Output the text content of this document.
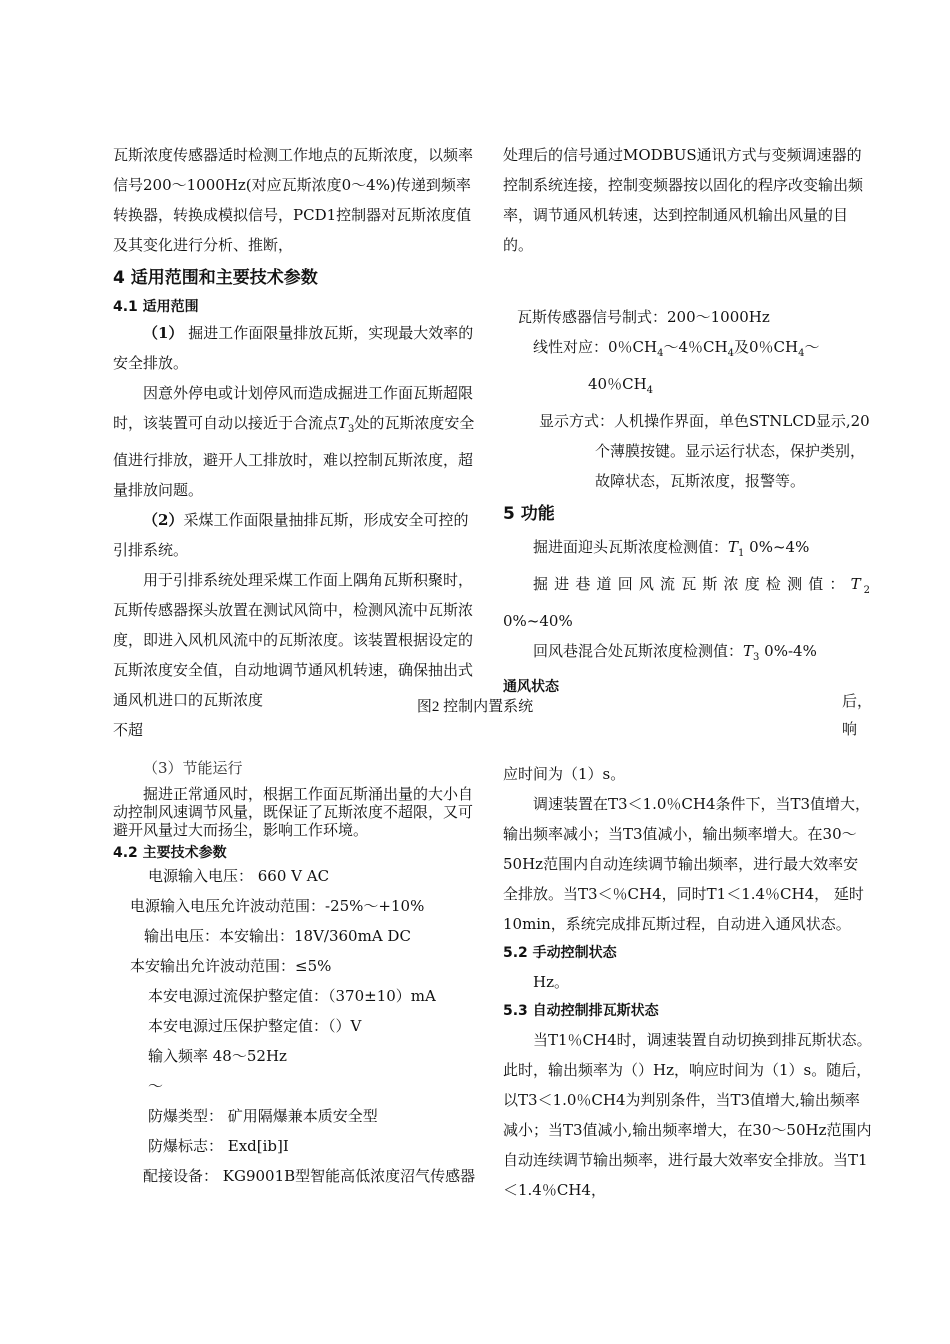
瓦斯浓度传感器适时检测工作地点的瓦斯浓度，以频率信号200～1000Hz(对应瓦斯浓度0～4%)传递到频率转换器，转换成模拟信号，PCD1控制器对瓦斯浓度值及其变化进行分析、推断，

4 适用范围和主要技术参数

4.1 适用范围

（1） 掘进工作面限量排放瓦斯，实现最大效率的安全排放。

因意外停电或计划停风而造成掘进工作面瓦斯超限时，该装置可自动以接近于合流点$T_3$处的瓦斯浓度安全值进行排放，避开人工排放时，难以控制瓦斯浓度，超量排放问题。

（2）采煤工作面限量抽排瓦斯，形成安全可控的引排系统。

用于引排系统处理采煤工作面上隅角瓦斯积聚时，瓦斯传感器探头放置在测试风筒中，检测风流中瓦斯浓度，即进入风机风流中的瓦斯浓度。该装置根据设定的瓦斯浓度安全值，自动地调节通风机转速，确保抽出式通风机进口的瓦斯浓度
不超

（3）节能运行

掘进正常通风时，根据工作面瓦斯涌出量的大小自动控制风速调节风量，既保证了瓦斯浓度不超限，又可避开风量过大而扬尘，影响工作环境。

4.2 主要技术参数

电源输入电压： 660 V AC

电源输入电压允许波动范围：-25%～+10%

输出电压：本安输出：18V/360mA DC

本安输出允许波动范围：≤5%

本安电源过流保护整定值：（370±10）mA

本安电源过压保护整定值：（）V

输入频率 48～52Hz

～

防爆类型： 矿用隔爆兼本质安全型

防爆标志： Exd[ib]I

配接设备： KG9001B型智能高低浓度沼气传感器

处理后的信号通过MODBUS通讯方式与变频调速器的控制系统连接，控制变频器按以固化的程序改变输出频率，调节通风机转速，达到控制通风机输出风量的目的。

瓦斯传感器信号制式：200～1000Hz

线性对应：0％$CH_4\sim 4$％$CH_4$及0％$CH_4\sim 40$％$CH_4$

显示方式：人机操作界面，单色STNLCD显示,20个薄膜按键。显示运行状态，保护类别，故障状态，瓦斯浓度，报警等。

5 功能

掘进面迎头瓦斯浓度检测值：$T_1$ 0%~4%

掘进巷道回风流瓦斯浓度检测值：$T_2$ 0%~40%

回风巷混合处瓦斯浓度检测值：$T_3$ 0%-4%

通风状态

应时间为（1）s。

调速装置在T3＜1.0％CH4条件下，当T3值增大，输出频率减小；当T3值减小，输出频率增大。在30～50Hz范围内自动连续调节输出频率，进行最大效率安全排放。当T3＜％CH4，同时T1＜1.4％CH4， 延时10min，系统完成排瓦斯过程，自动进入通风状态。

5.2 手动控制状态

Hz。

5.3 自动控制排瓦斯状态

当T1％CH4时，调速装置自动切换到排瓦斯状态。此时，输出频率为（）Hz，响应时间为（1）s。随后，以T3＜1.0％CH4为判别条件，当T3值增大,输出频率减小；当T3值减小,输出频率增大，在30～50Hz范围内自动连续调节输出频率，进行最大效率安全排放。当T1＜1.4％CH4，

后，
响
图2 控制内置系统
